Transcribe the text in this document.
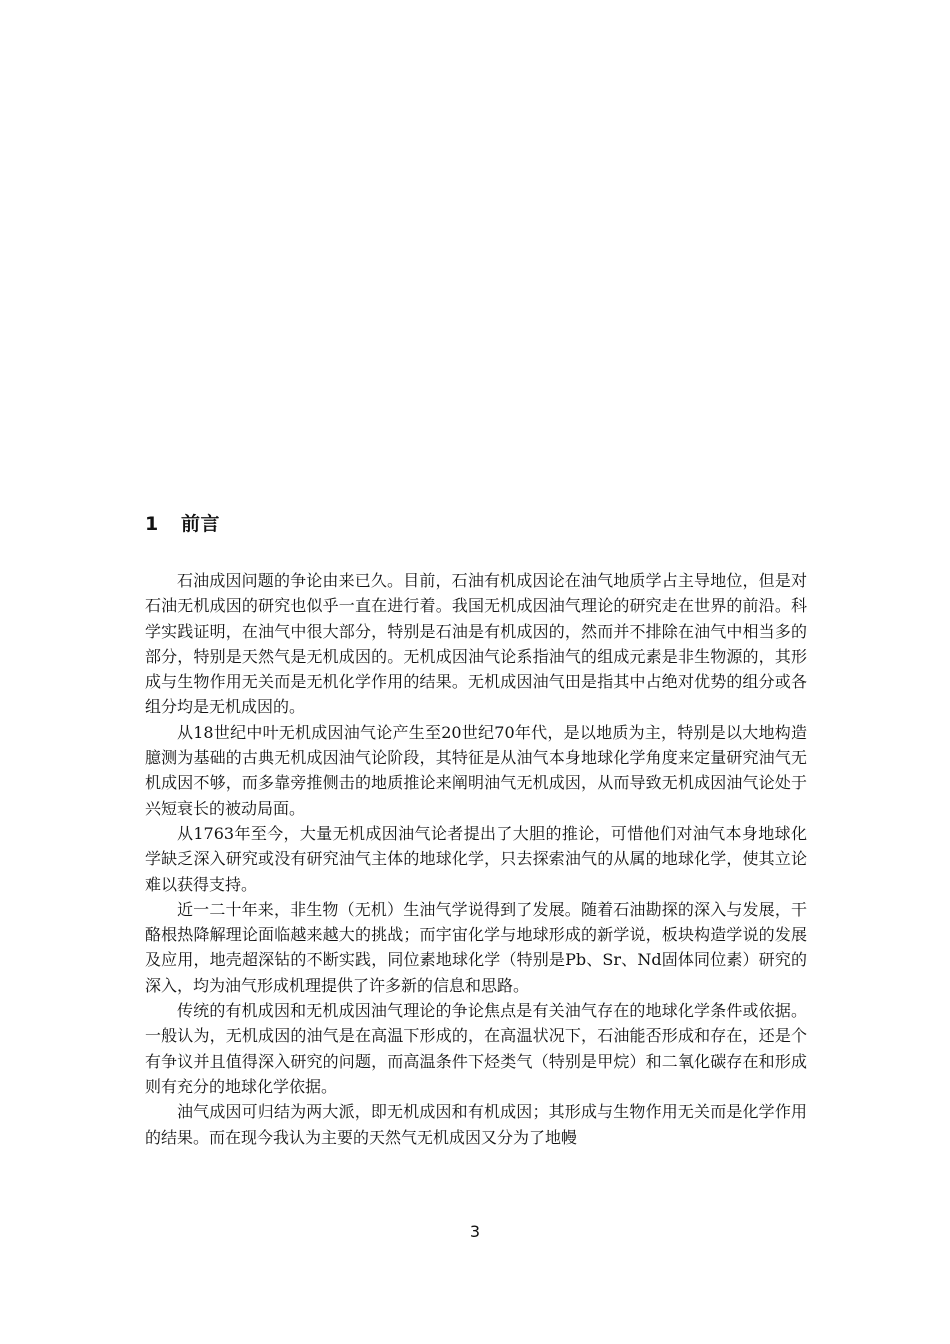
1 前言

石油成因问题的争论由来已久。目前，石油有机成因论在油气地质学占主导地位，但是对石油无机成因的研究也似乎一直在进行着。我国无机成因油气理论的研究走在世界的前沿。科学实践证明，在油气中很大部分，特别是石油是有机成因的，然而并不排除在油气中相当多的部分，特别是天然气是无机成因的。无机成因油气论系指油气的组成元素是非生物源的，其形成与生物作用无关而是无机化学作用的结果。无机成因油气田是指其中占绝对优势的组分或各组分均是无机成因的。

从18世纪中叶无机成因油气论产生至20世纪70年代，是以地质为主，特别是以大地构造臆测为基础的古典无机成因油气论阶段，其特征是从油气本身地球化学角度来定量研究油气无机成因不够，而多靠旁推侧击的地质推论来阐明油气无机成因，从而导致无机成因油气论处于兴短衰长的被动局面。

从1763年至今，大量无机成因油气论者提出了大胆的推论，可惜他们对油气本身地球化学缺乏深入研究或没有研究油气主体的地球化学，只去探索油气的从属的地球化学，使其立论难以获得支持。

近一二十年来，非生物（无机）生油气学说得到了发展。随着石油勘探的深入与发展，干酪根热降解理论面临越来越大的挑战；而宇宙化学与地球形成的新学说，板块构造学说的发展及应用，地壳超深钻的不断实践，同位素地球化学（特别是Pb、Sr、Nd固体同位素）研究的深入，均为油气形成机理提供了许多新的信息和思路。

传统的有机成因和无机成因油气理论的争论焦点是有关油气存在的地球化学条件或依据。一般认为，无机成因的油气是在高温下形成的，在高温状况下，石油能否形成和存在，还是个有争议并且值得深入研究的问题，而高温条件下烃类气（特别是甲烷）和二氧化碳存在和形成则有充分的地球化学依据。

油气成因可归结为两大派，即无机成因和有机成因；其形成与生物作用无关而是化学作用的结果。而在现今我认为主要的天然气无机成因又分为了地幔

3
